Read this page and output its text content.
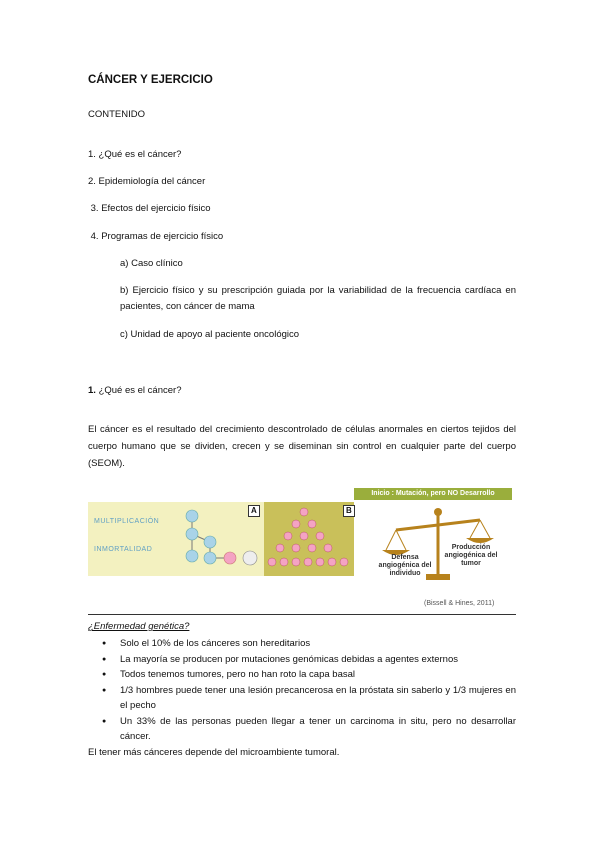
CÁNCER Y EJERCICIO
CONTENIDO
1. ¿Qué es el cáncer?
2. Epidemiología del cáncer
3. Efectos del ejercicio físico
4. Programas de ejercicio físico
a) Caso clínico
b) Ejercicio físico y su prescripción guiada por la variabilidad de la frecuencia cardíaca en pacientes, con cáncer de mama
c) Unidad de apoyo al paciente oncológico
1. ¿Qué es el cáncer?
El cáncer es el resultado del crecimiento descontrolado de células anormales en ciertos tejidos del cuerpo humano que se dividen, crecen y se diseminan sin control en cualquier parte del cuerpo (SEOM).
MULTIPLICACIÓN
INMORTALIDAD
A	B
Inicio : Mutación, pero NO Desarrollo
Defensa angiogénica del individuo
Producción angiogénica del tumor
(Bissell & Hines, 2011)
¿Enfermedad genética?
● Solo el 10% de los cánceres son hereditarios
● La mayoría se producen por mutaciones genómicas debidas a agentes externos
● Todos tenemos tumores, pero no han roto la capa basal
● 1/3 hombres puede tener una lesión precancerosa en la próstata sin saberlo y 1/3 mujeres en el pecho
● Un 33% de las personas pueden llegar a tener un carcinoma in situ, pero no desarrollar cáncer.
El tener más cánceres depende del microambiente tumoral.
